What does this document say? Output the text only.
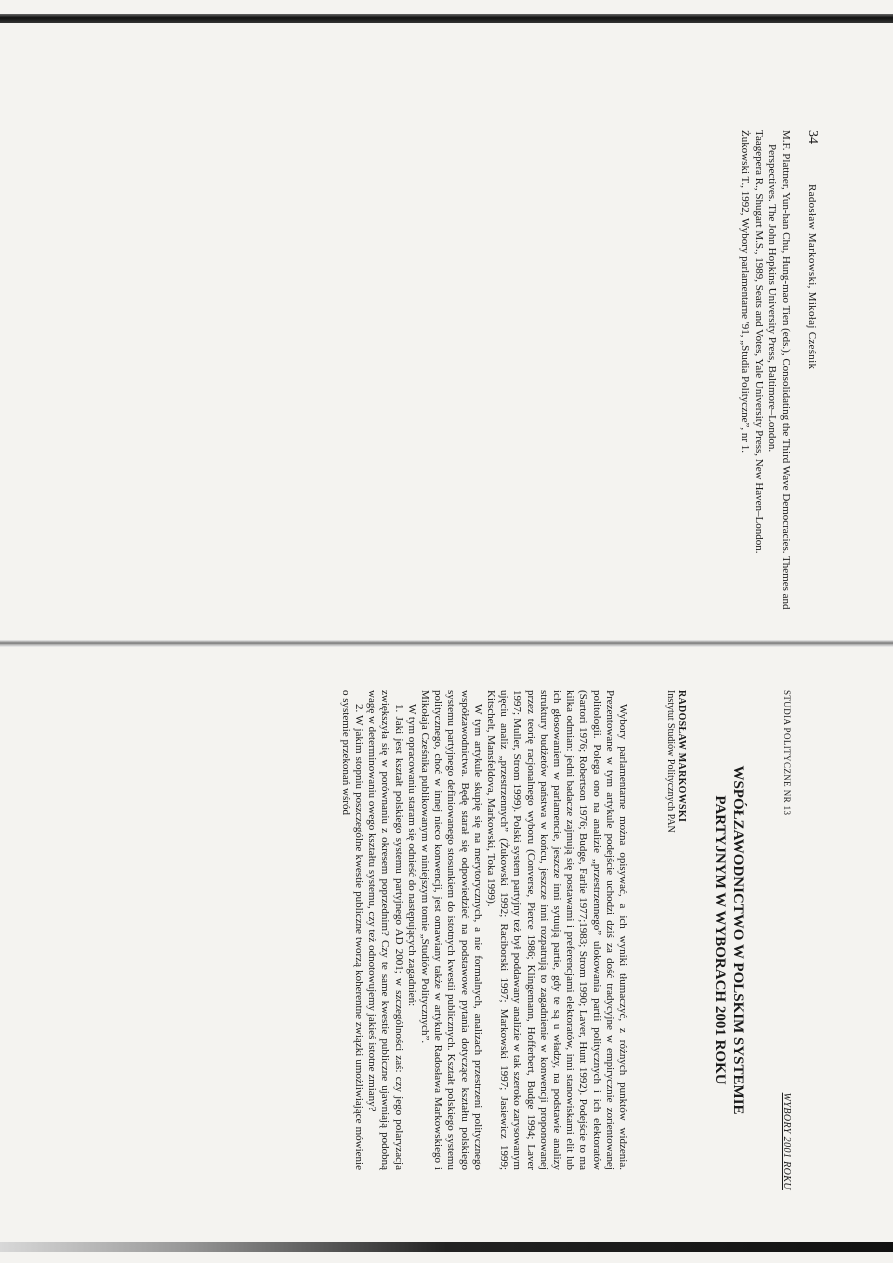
34
Radosław Markowski, Mikołaj Cześnik

M.F. Plattner, Yun-han Chu, Hung-mao Tien (eds.), Consolidating the Third Wave Democracies. Themes and Perspectives. The John Hopkins University Press, Baltimore–London.

Taagepera R., Shugart M.S., 1989, Seats and Votes, Yale University Press, New Haven–London.

Żukowski T., 1992, Wybory parlamentarne '91, „Studia Polityczne”, nr 1.

STUDIA POLITYCZNE NR 13
WYBORY 2001 ROKU
WSPÓŁZAWODNICTWO W POLSKIM SYSTEMIE
PARTYJNYM W WYBORACH 2001 ROKU
RADOSŁAW MARKOWSKI
Instytut Studiów Politycznych PAN

Wybory parlamentarne można opisywać, a ich wyniki tłumaczyć, z różnych punktów widzenia. Prezentowane w tym artykule podejście uchodzi dziś za dość tradycyjne w empirycznie zorientowanej politologii. Polega ono na analizie „przestrzennego” ulokowania partii politycznych i ich elektoratów (Sartori 1976; Robertson 1976; Budge, Farlie 1977;1983; Strom 1990; Laver, Hunt 1992). Podejście to ma kilka odmian: jedni badacze zajmują się postawami i preferencjami elektoratów, inni stanowiskami elit lub ich głosowaniem w parlamencie, jeszcze inni sytuują partie, gdy te są u władzy, na podstawie analizy struktury budżetów państwa w końcu, jeszcze inni rozpatrują to zagadnienie w konwencji proponowanej przez teorię racjonalnego wyboru (Converse, Pierce 1986; Klingemann, Hofferbert, Budge 1994; Laver 1997; Muller, Strom 1999). Polski system partyjny też był poddawany analizie w tak szeroko zarysowanym ujęciu analiz „przestrzennych” (Żukowski 1992; Raciborski 1997; Markowski 1997; Jasiewicz 1999; Kitschelt, Mansfeldova, Markowski, Toka 1999).

W tym artykule skupię się na merytorycznych, a nie formalnych, analizach przestrzeni politycznego współzawodnictwa. Będę starał się odpowiedzieć na podstawowe pytania dotyczące kształtu polskiego systemu partyjnego definiowanego stosunkiem do istotnych kwestii publicznych. Kształt polskiego systemu politycznego, choć w innej nieco konwencji, jest omawiany także w artykule Radosława Markowskiego i Mikołaja Cześnika publikowanym w niniejszym tomie „Studiów Politycznych”.

W tym opracowaniu staram się odnieść do następujących zagadnień:

1. Jaki jest kształt polskiego systemu partyjnego AD 2001; w szczególności zaś: czy jego polaryzacja zwiększyła się w porównaniu z okresem poprzednim? Czy te same kwestie publiczne ujawniają podobną wagę w determinowaniu owego kształtu systemu, czy też odnotowujemy jakieś istotne zmiany?

2. W jakim stopniu poszczególne kwestie publiczne tworzą koherentne związki umożliwiające mówienie o systemie przekonań wśród
